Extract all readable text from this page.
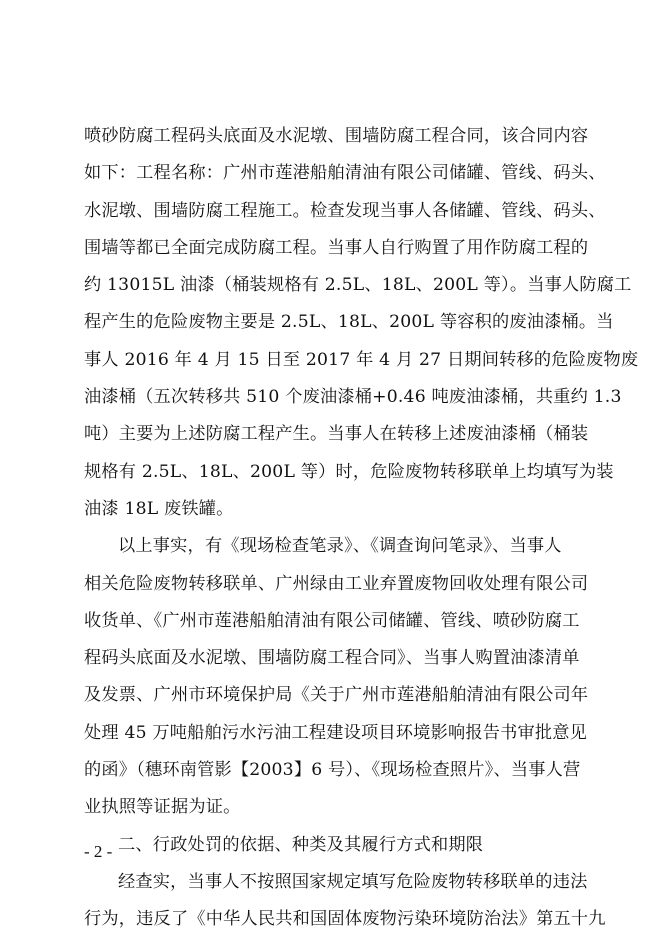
喷砂防腐工程码头底面及水泥墩、围墙防腐工程合同，该合同内容
如下：工程名称：广州市莲港船舶清油有限公司储罐、管线、码头、
水泥墩、围墙防腐工程施工。检查发现当事人各储罐、管线、码头、
围墙等都已全面完成防腐工程。当事人自行购置了用作防腐工程的
约 13015L 油漆（桶装规格有 2.5L、18L、200L 等）。当事人防腐工
程产生的危险废物主要是 2.5L、18L、200L 等容积的废油漆桶。当
事人 2016 年 4 月 15 日至 2017 年 4 月 27 日期间转移的危险废物废
油漆桶（五次转移共 510 个废油漆桶+0.46 吨废油漆桶，共重约 1.3
吨）主要为上述防腐工程产生。当事人在转移上述废油漆桶（桶装
规格有 2.5L、18L、200L 等）时，危险废物转移联单上均填写为装
油漆 18L 废铁罐。
以上事实，有《现场检查笔录》、《调查询问笔录》、当事人
相关危险废物转移联单、广州绿由工业弃置废物回收处理有限公司
收货单、《广州市莲港船舶清油有限公司储罐、管线、喷砂防腐工
程码头底面及水泥墩、围墙防腐工程合同》、当事人购置油漆清单
及发票、广州市环境保护局《关于广州市莲港船舶清油有限公司年
处理 45 万吨船舶污水污油工程建设项目环境影响报告书审批意见
的函》（穗环南管影【2003】6 号）、《现场检查照片》、当事人营
业执照等证据为证。
二、行政处罚的依据、种类及其履行方式和期限
经查实，当事人不按照国家规定填写危险废物转移联单的违法
行为，违反了《中华人民共和国固体废物污染环境防治法》第五十九
- 2 -
